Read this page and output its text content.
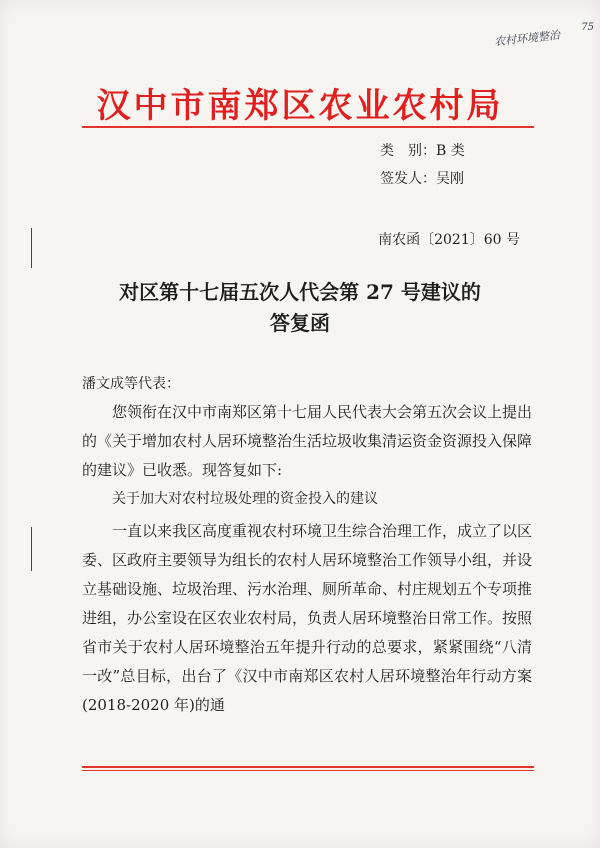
农村环境整治
75
汉中市南郑区农业农村局
类　别：B 类
签发人：吴刚
南农函〔2021〕60 号
对区第十七届五次人代会第 27 号建议的
答复函
潘文成等代表：

您领衔在汉中市南郑区第十七届人民代表大会第五次会议上提出的《关于增加农村人居环境整治生活垃圾收集清运资金资源投入保障的建议》已收悉。现答复如下:

关于加大对农村垃圾处理的资金投入的建议

一直以来我区高度重视农村环境卫生综合治理工作，成立了以区委、区政府主要领导为组长的农村人居环境整治工作领导小组，并设立基础设施、垃圾治理、污水治理、厕所革命、村庄规划五个专项推进组，办公室设在区农业农村局，负责人居环境整治日常工作。按照省市关于农村人居环境整治五年提升行动的总要求，紧紧围绕“八清一改”总目标，出台了《汉中市南郑区农村人居环境整治年行动方案(2018-2020 年)的通
